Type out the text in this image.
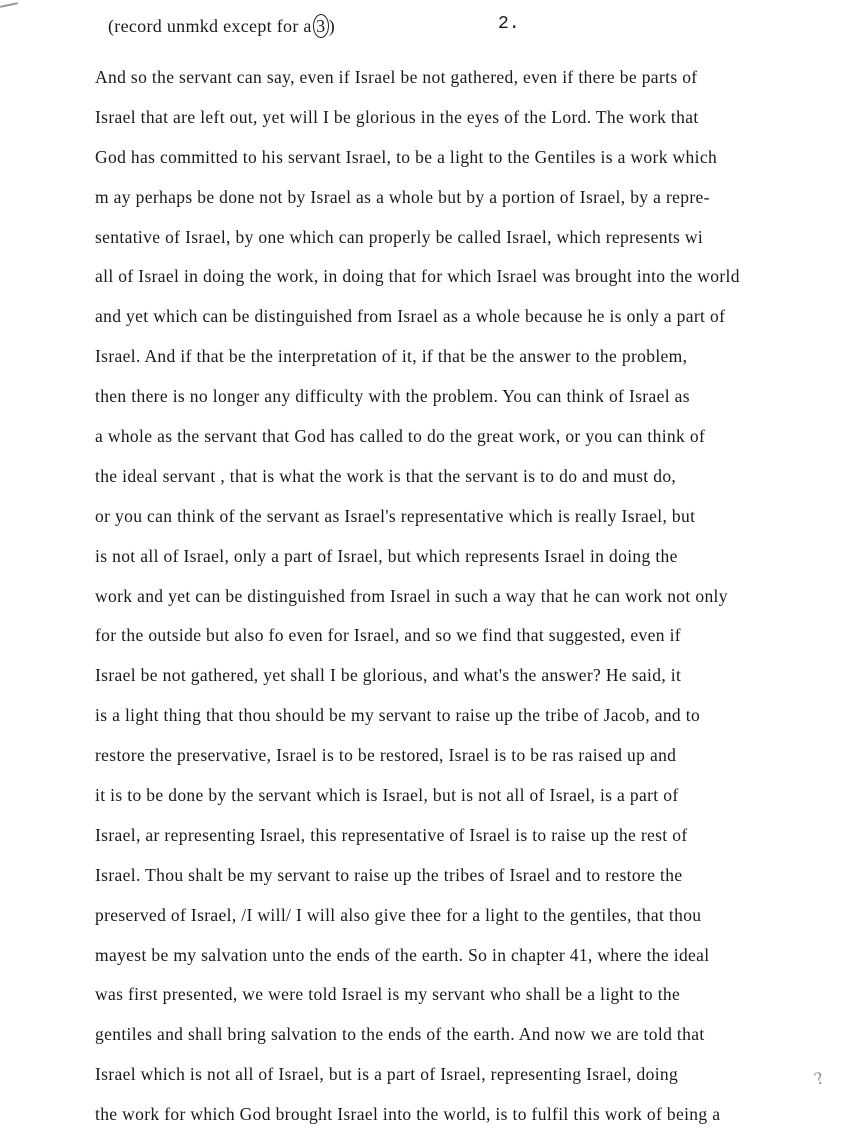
(record unmkd except for a 3 )	2.
And so the servant can say, even if Israel be not gathered, even if there be parts of
Israel that are left out, yet will I be glorious in the eyes of the Lord. The work that
God has committed to his servant Israel, to be a light to the Gentiles is a work which
m ay perhaps be done not by Israel as a whole but by a portion of Israel, by a repre-
sentative of Israel, by one which can properly be called Israel, which represents wi
all of Israel in doing the work, in doing that for which Israel was brought into the world
and yet which can be distinguished from Israel as a whole because he is only a part of
Israel. And if that be the interpretation of it, if that be the answer to the problem,
then there is no longer any difficulty with the problem. You can think of Israel as
a whole as the servant that God has called to do the great work, or you can think of
the ideal servant , that is what the work is that the servant is to do and must do,
or you can think of the servant as Israel's representative which is really Israel, but
is not all of Israel, only a part of Israel, but which represents Israel in doing the
work and yet can be distinguished from Israel in such a way that he can work not only
for the outside but also fo even for Israel, and so we find that suggested, even if
Israel be not gathered, yet shall I be glorious, and what's the answer? He said, it
is a light thing that thou should be my servant to raise up the tribe of Jacob, and to
restore the preservative, Israel is to be restored, Israel is to be ras raised up and
it is to be done by the servant which is Israel, but is not all of Israel, is a part of
Israel, ar representing Israel, this representative of Israel is to raise up the rest of
Israel. Thou shalt be my servant to raise up the tribes of Israel and to restore the
preserved of Israel, /I will/ I will also give thee for a light to the gentiles, that thou
mayest be my salvation unto the ends of the earth. So in chapter 41, where the ideal
was first presented, we were told Israel is my servant who shall be a light to the
gentiles and shall bring salvation to the ends of the earth. And now we are told that
Israel which is not all of Israel, but is a part of Israel, representing Israel, doing
the work for which God brought Israel into the world, is to fulfil this work of being a
?
